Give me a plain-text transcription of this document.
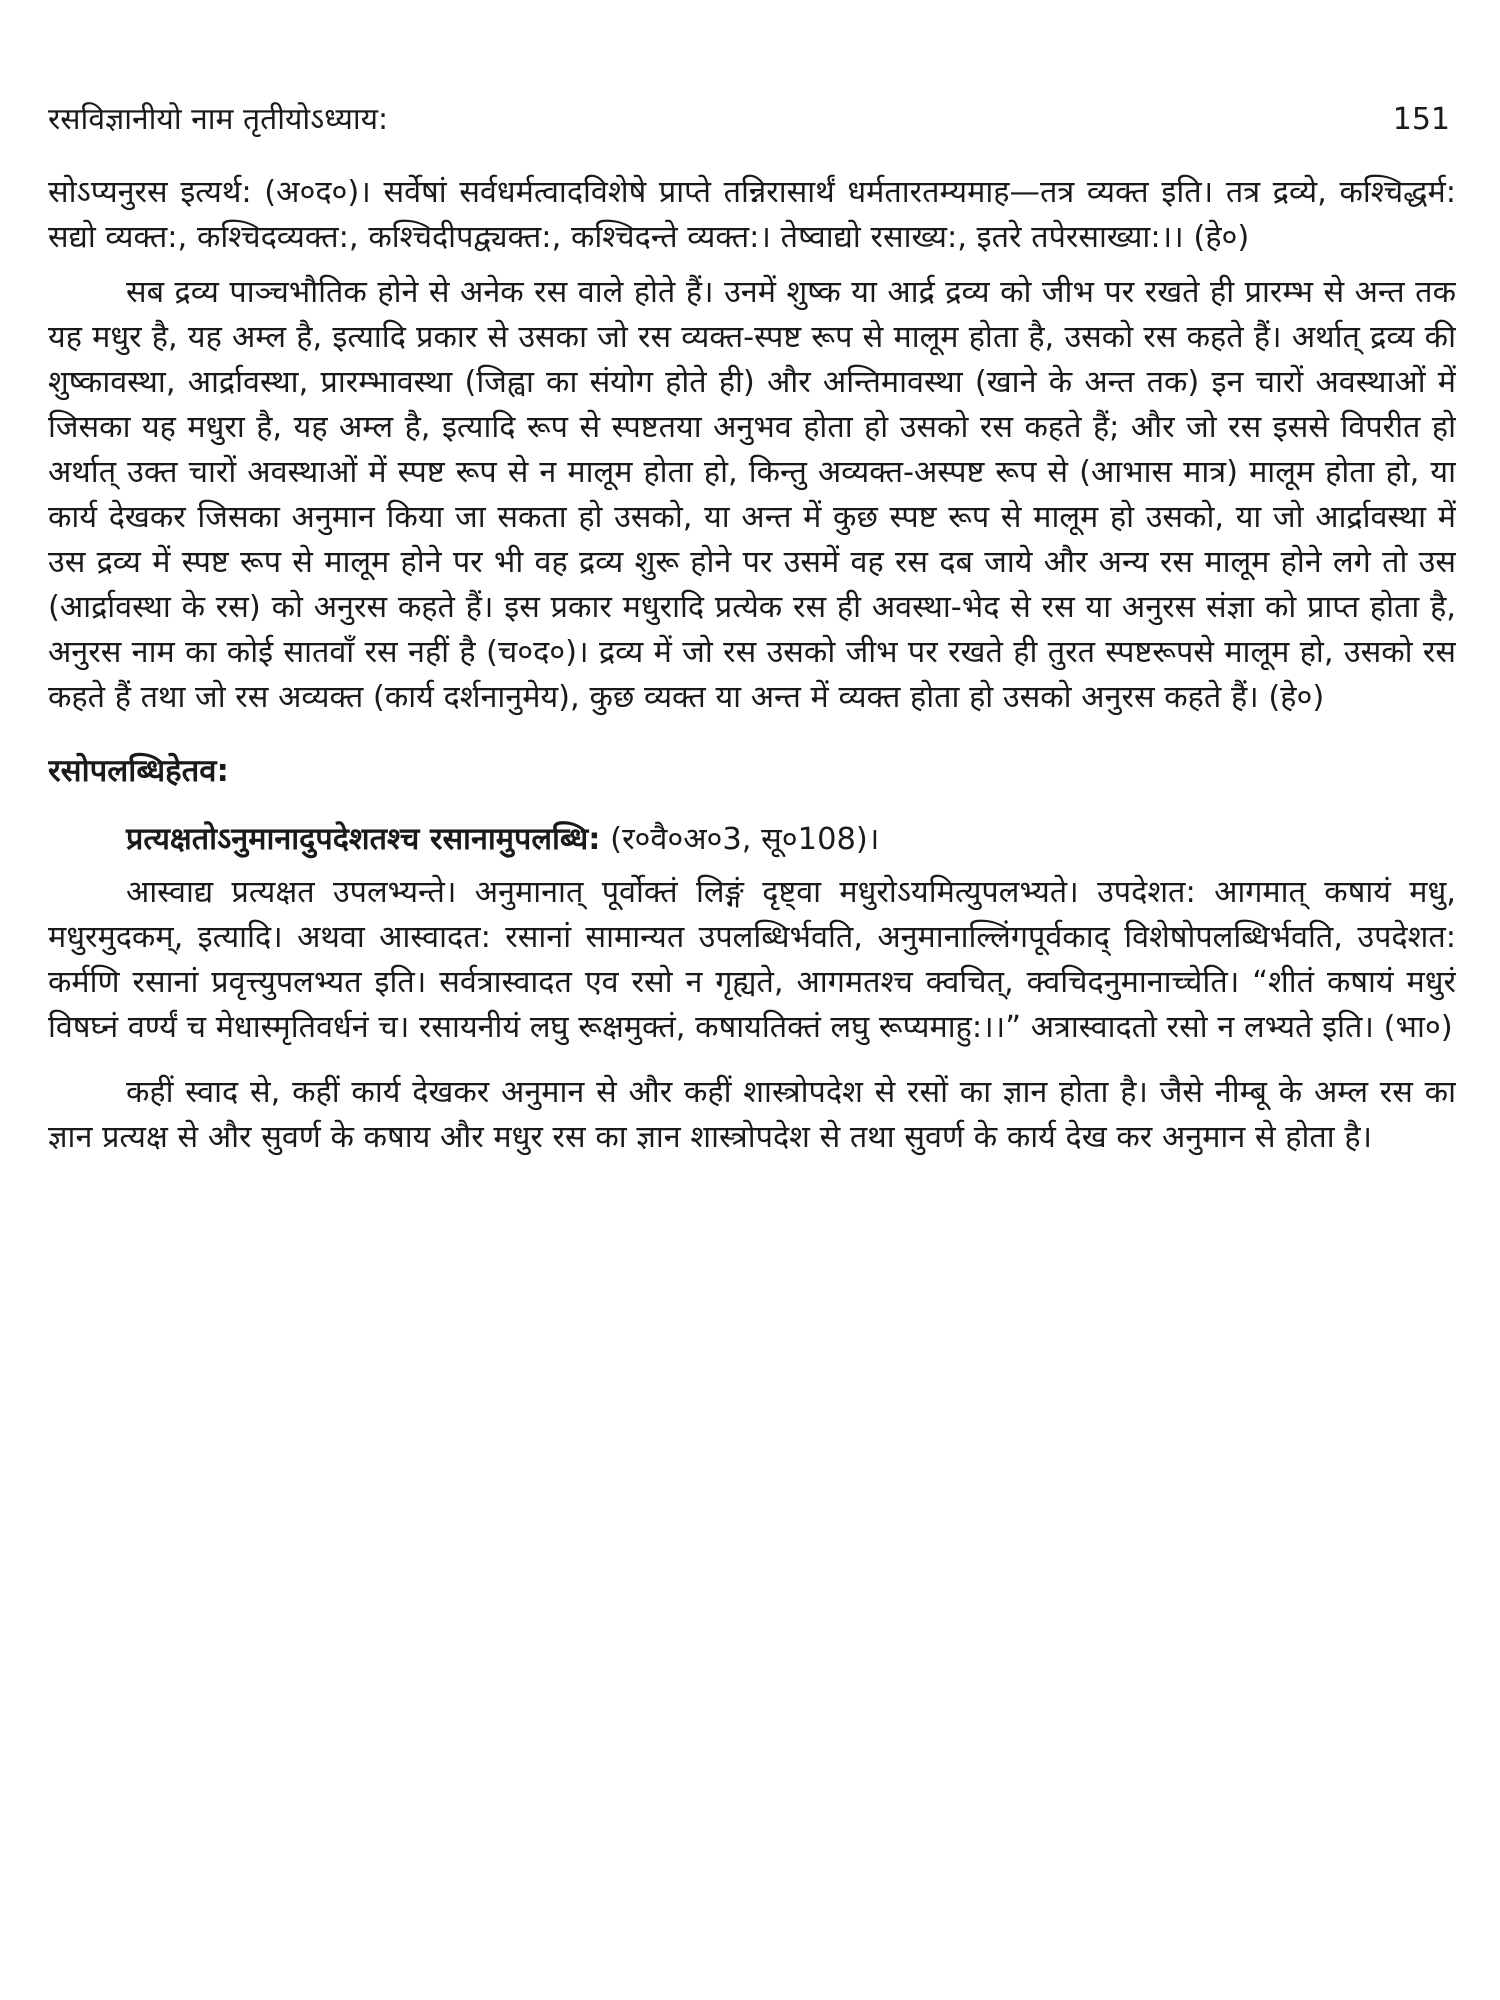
रसविज्ञानीयो नाम तृतीयोऽध्याय:	151

सोऽप्यनुरस इत्यर्थ: (अ०द०)। सर्वेषां सर्वधर्मत्वादविशेषे प्राप्ते तन्निरासार्थं धर्मतारतम्यमाह—तत्र व्यक्त इति। तत्र द्रव्ये, कश्चिद्धर्म: सद्यो व्यक्त:, कश्चिदव्यक्त:, कश्चिदीपद्व्यक्त:, कश्चिदन्ते व्यक्त:। तेष्वाद्यो रसाख्य:, इतरे तपेरसाख्या:।। (हे०)

सब द्रव्य पाञ्चभौतिक होने से अनेक रस वाले होते हैं। उनमें शुष्क या आर्द्र द्रव्य को जीभ पर रखते ही प्रारम्भ से अन्त तक यह मधुर है, यह अम्ल है, इत्यादि प्रकार से उसका जो रस व्यक्त-स्पष्ट रूप से मालूम होता है, उसको रस कहते हैं। अर्थात् द्रव्य की शुष्कावस्था, आर्द्रावस्था, प्रारम्भावस्था (जिह्वा का संयोग होते ही) और अन्तिमावस्था (खाने के अन्त तक) इन चारों अवस्थाओं में जिसका यह मधुरा है, यह अम्ल है, इत्यादि रूप से स्पष्टतया अनुभव होता हो उसको रस कहते हैं; और जो रस इससे विपरीत हो अर्थात् उक्त चारों अवस्थाओं में स्पष्ट रूप से न मालूम होता हो, किन्तु अव्यक्त-अस्पष्ट रूप से (आभास मात्र) मालूम होता हो, या कार्य देखकर जिसका अनुमान किया जा सकता हो उसको, या अन्त में कुछ स्पष्ट रूप से मालूम हो उसको, या जो आर्द्रावस्था में उस द्रव्य में स्पष्ट रूप से मालूम होने पर भी वह द्रव्य शुरू होने पर उसमें वह रस दब जाये और अन्य रस मालूम होने लगे तो उस (आर्द्रावस्था के रस) को अनुरस कहते हैं। इस प्रकार मधुरादि प्रत्येक रस ही अवस्था-भेद से रस या अनुरस संज्ञा को प्राप्त होता है, अनुरस नाम का कोई सातवाँ रस नहीं है (च०द०)। द्रव्य में जो रस उसको जीभ पर रखते ही तुरत स्पष्टरूपसे मालूम हो, उसको रस कहते हैं तथा जो रस अव्यक्त (कार्य दर्शनानुमेय), कुछ व्यक्त या अन्त में व्यक्त होता हो उसको अनुरस कहते हैं। (हे०)

रसोपलब्धिहेतव:
प्रत्यक्षतोऽनुमानादुपदेशतश्च रसानामुपलब्धि: (र०वै०अ०3, सू०108)।

आस्वाद्य प्रत्यक्षत उपलभ्यन्ते। अनुमानात् पूर्वोक्तं लिङ्गं दृष्ट्वा मधुरोऽयमित्युपलभ्यते। उपदेशत: आगमात् कषायं मधु, मधुरमुदकम्, इत्यादि। अथवा आस्वादत: रसानां सामान्यत उपलब्धिर्भवति, अनुमानाल्लिंगपूर्वकाद् विशेषोपलब्धिर्भवति, उपदेशत: कर्मणि रसानां प्रवृत्त्युपलभ्यत इति। सर्वत्रास्वादत एव रसो न गृह्यते, आगमतश्च क्वचित्, क्वचिदनुमानाच्चेति। “शीतं कषायं मधुरं विषघ्नं वर्ण्यं च मेधास्मृतिवर्धनं च। रसायनीयं लघु रूक्षमुक्तं, कषायतिक्तं लघु रूप्यमाहु:।।” अत्रास्वादतो रसो न लभ्यते इति। (भा०)

कहीं स्वाद से, कहीं कार्य देखकर अनुमान से और कहीं शास्त्रोपदेश से रसों का ज्ञान होता है। जैसे नीम्बू के अम्ल रस का ज्ञान प्रत्यक्ष से और सुवर्ण के कषाय और मधुर रस का ज्ञान शास्त्रोपदेश से तथा सुवर्ण के कार्य देख कर अनुमान से होता है।
